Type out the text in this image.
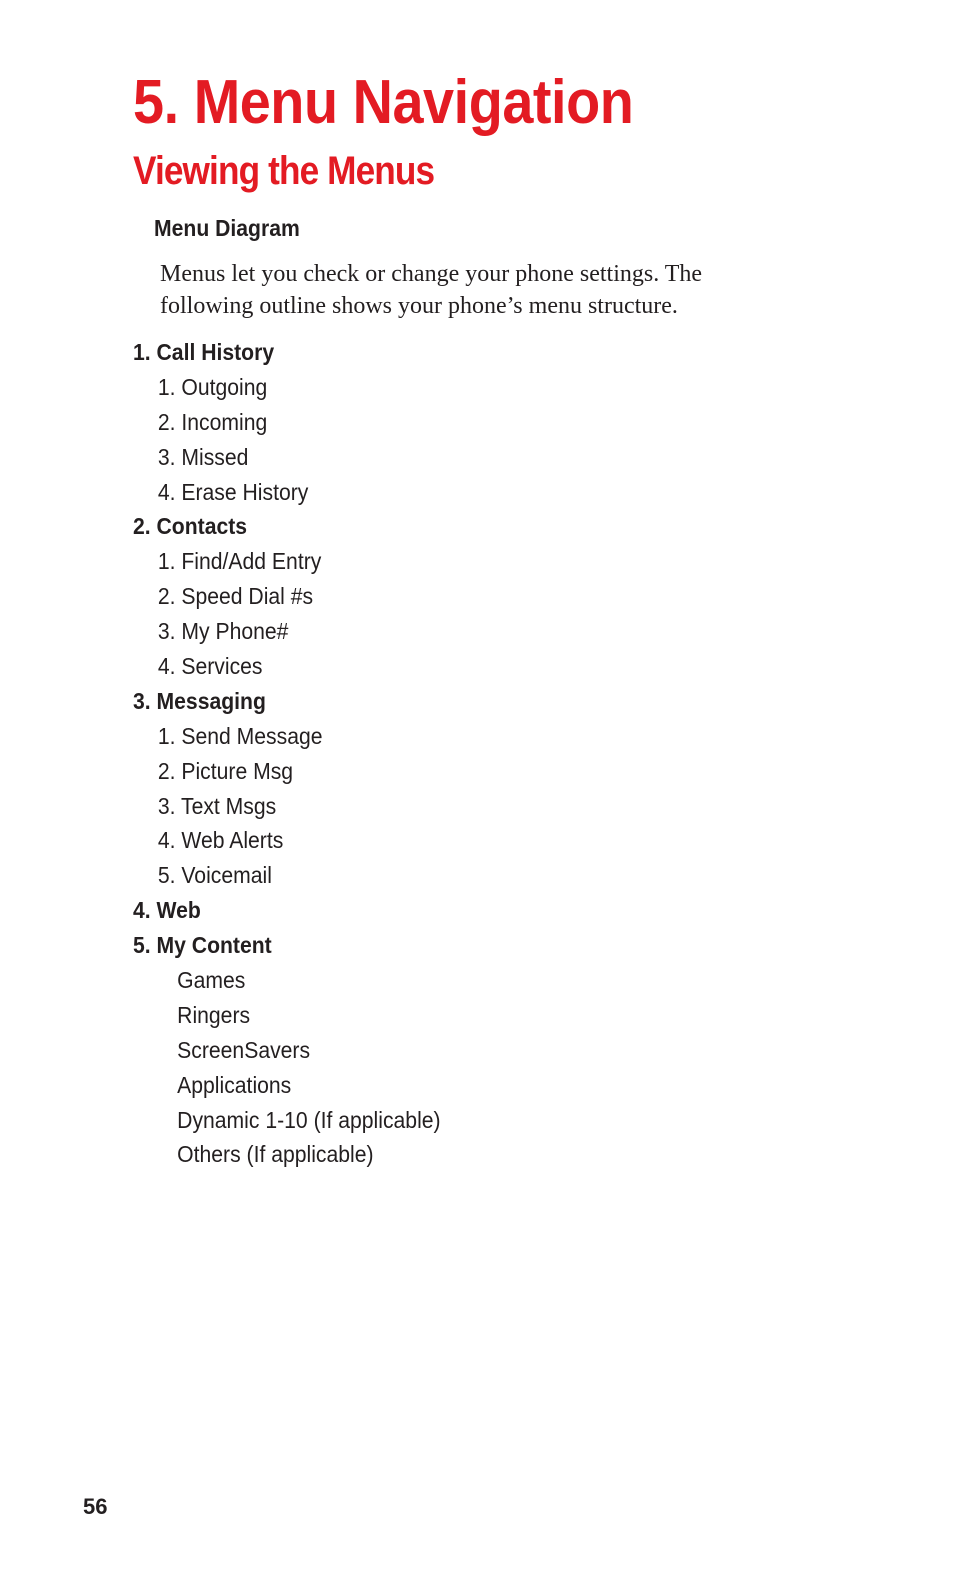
5. Menu Navigation
Viewing the Menus
Menu Diagram

Menus let you check or change your phone settings. The following outline shows your phone’s menu structure.

1. Call History
1. Outgoing
2. Incoming
3. Missed
4. Erase History
2. Contacts
1. Find/Add Entry
2. Speed Dial #s
3. My Phone#
4. Services
3. Messaging
1. Send Message
2. Picture Msg
3. Text Msgs
4. Web Alerts
5. Voicemail
4. Web
5. My Content
Games
Ringers
ScreenSavers
Applications
Dynamic 1-10 (If applicable)
Others (If applicable)

56
